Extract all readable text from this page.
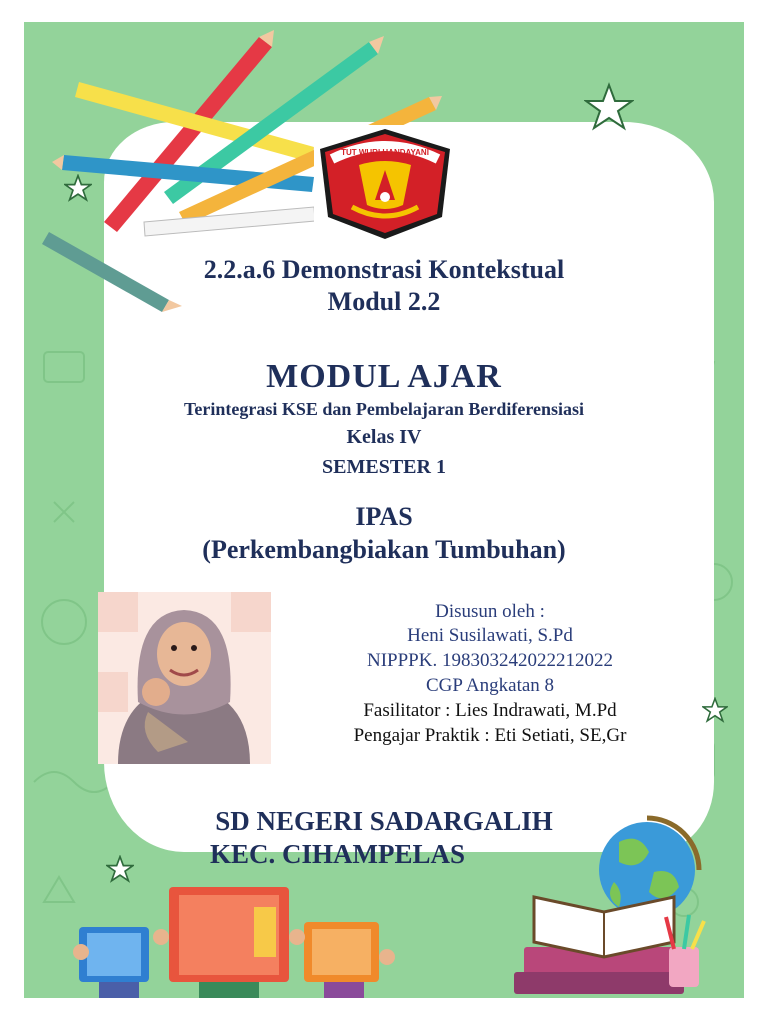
TUT WURI HANDAYANI
2.2.a.6 Demonstrasi Kontekstual
Modul 2.2
MODUL AJAR
Terintegrasi KSE dan Pembelajaran Berdiferensiasi
Kelas IV
SEMESTER 1
IPAS
(Perkembangbiakan Tumbuhan)
Disusun oleh :
Heni Susilawati, S.Pd
NIPPPK. 198303242022212022
CGP Angkatan 8
Fasilitator : Lies Indrawati, M.Pd
Pengajar Praktik : Eti Setiati, SE,Gr
SD NEGERI SADARGALIH
KEC. CIHAMPELAS
